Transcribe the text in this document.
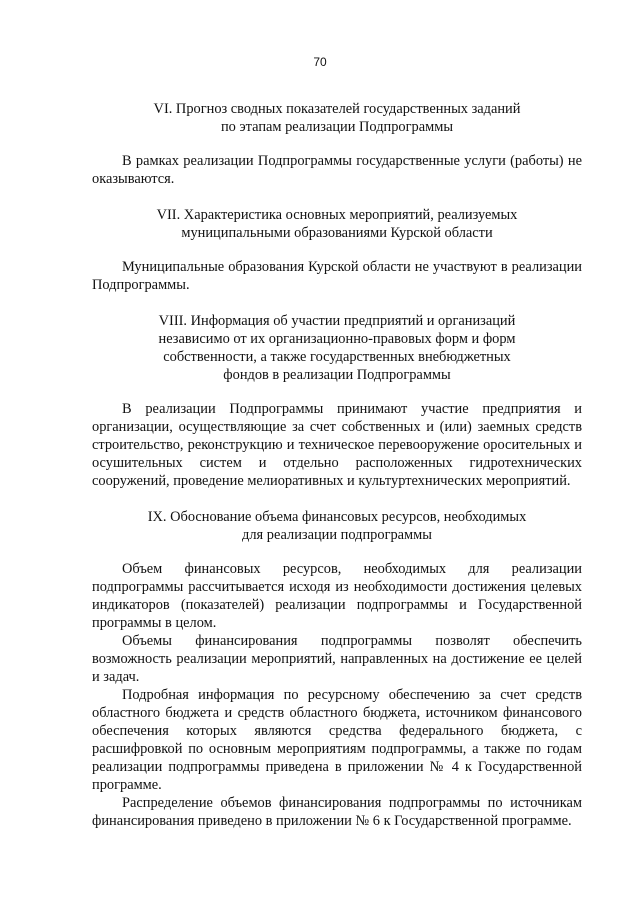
70
VI. Прогноз сводных показателей государственных заданий
по этапам реализации Подпрограммы

В рамках реализации Подпрограммы государственные услуги (работы) не оказываются.

VII. Характеристика основных мероприятий, реализуемых
муниципальными образованиями Курской области

Муниципальные образования Курской области не участвуют в реализации Подпрограммы.

VIII. Информация об участии предприятий и организаций
независимо от их организационно-правовых форм и форм
собственности, а также государственных внебюджетных
фондов в реализации Подпрограммы

В реализации Подпрограммы принимают участие предприятия и организации, осуществляющие за счет собственных и (или) заемных средств строительство, реконструкцию и техническое перевооружение оросительных и осушительных систем и отдельно расположенных гидротехнических сооружений, проведение мелиоративных и культуртехнических мероприятий.

IX. Обоснование объема финансовых ресурсов, необходимых
для реализации подпрограммы

Объем финансовых ресурсов, необходимых для реализации подпрограммы рассчитывается исходя из необходимости достижения целевых индикаторов (показателей) реализации подпрограммы и Государственной программы в целом.

Объемы финансирования подпрограммы позволят обеспечить возможность реализации мероприятий, направленных на достижение ее целей и задач.

Подробная информация по ресурсному обеспечению за счет средств областного бюджета и средств областного бюджета, источником финансового обеспечения которых являются средства федерального бюджета, с расшифровкой по основным мероприятиям подпрограммы, а также по годам реализации подпрограммы приведена в приложении № 4 к Государственной программе.

Распределение объемов финансирования подпрограммы по источникам финансирования приведено в приложении № 6 к Государственной программе.
